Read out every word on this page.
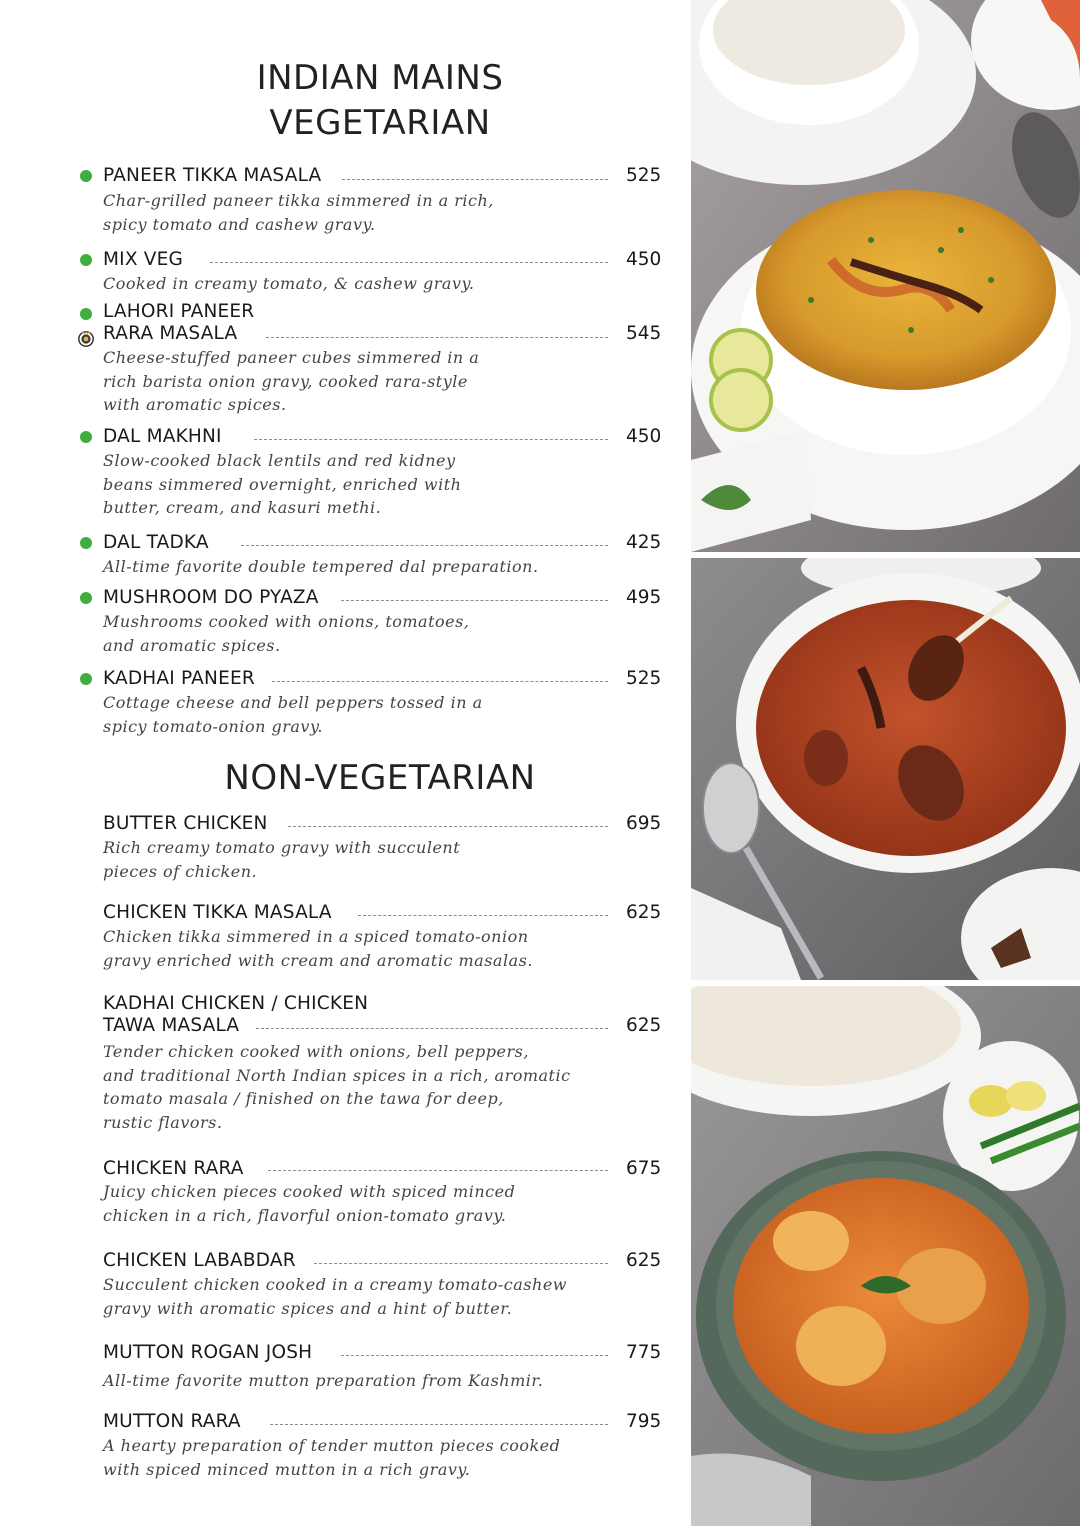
INDIAN MAINS
VEGETARIAN
PANEER TIKKA MASALA	525
Char-grilled paneer tikka simmered in a rich,
spicy tomato and cashew gravy.
MIX VEG	450
Cooked in creamy tomato, & cashew gravy.
LAHORI PANEER
RARA MASALA	545
Cheese-stuffed paneer cubes simmered in a
rich barista onion gravy, cooked rara-style
with aromatic spices.
DAL MAKHNI	450
Slow-cooked black lentils and red kidney
beans simmered overnight, enriched with
butter, cream, and kasuri methi.
DAL TADKA	425
All-time favorite double tempered dal preparation.
MUSHROOM DO PYAZA	495
Mushrooms cooked with onions, tomatoes,
and aromatic spices.
KADHAI PANEER	525
Cottage cheese and bell peppers tossed in a
spicy tomato-onion gravy.
NON-VEGETARIAN
BUTTER CHICKEN	695
Rich creamy tomato gravy with succulent
pieces of chicken.
CHICKEN TIKKA MASALA	625
Chicken tikka simmered in a spiced tomato-onion
gravy enriched with cream and aromatic masalas.
KADHAI CHICKEN / CHICKEN
TAWA MASALA	625
Tender chicken cooked with onions, bell peppers,
and traditional North Indian spices in a rich, aromatic
tomato masala / finished on the tawa for deep,
rustic flavors.
CHICKEN RARA	675
Juicy chicken pieces cooked with spiced minced
chicken in a rich, flavorful onion-tomato gravy.
CHICKEN LABABDAR	625
Succulent chicken cooked in a creamy tomato-cashew
gravy with aromatic spices and a hint of butter.
MUTTON ROGAN JOSH	775
All-time favorite mutton preparation from Kashmir.
MUTTON RARA	795
A hearty preparation of tender mutton pieces cooked
with spiced minced mutton in a rich gravy.
